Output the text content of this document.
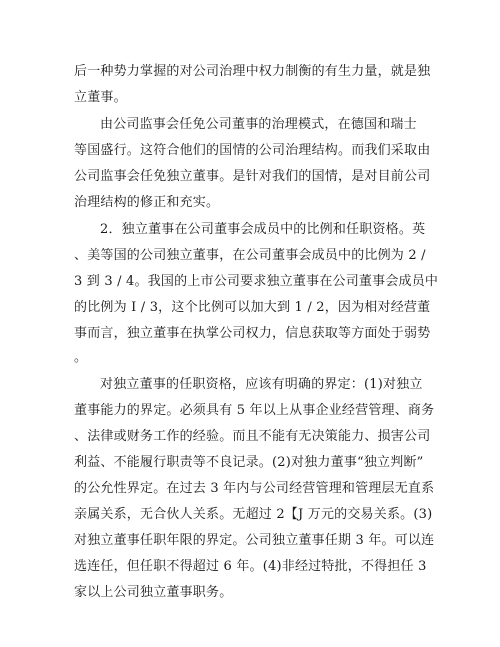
后一种势力掌握的对公司治理中权力制衡的有生力量，就是独
立董事。
由公司监事会任免公司董事的治理模式，在德国和瑞士
等国盛行。这符合他们的国情的公司治理结构。而我们采取由
公司监事会任免独立董事。是针对我们的国情，是对目前公司
治理结构的修正和充实。
2．独立董事在公司董事会成员中的比例和任职资格。英
、美等国的公司独立董事，在公司董事会成员中的比例为 2 /
3 到 3 / 4。我国的上市公司要求独立董事在公司董事会成员中
的比例为 I / 3，这个比例可以加大到 1 / 2，因为相对经营董
事而言，独立董事在执掌公司权力，信息获取等方面处于弱势
。
对独立董事的任职资格，应该有明确的界定：(1)对独立
董事能力的界定。必须具有 5 年以上从事企业经营管理、商务
、法律或财务工作的经验。而且不能有无决策能力、损害公司
利益、不能履行职责等不良记录。(2)对独力董事“独立判断”
的公允性界定。在过去 3 年内与公司经营管理和管理层无直系
亲属关系，无合伙人关系。无超过 2【J 万元的交易关系。(3)
对独立董事任职年限的界定。公司独立董事任期 3 年。可以连
选连任，但任职不得超过 6 年。(4)非经过特批，不得担任 3
家以上公司独立董事职务。
